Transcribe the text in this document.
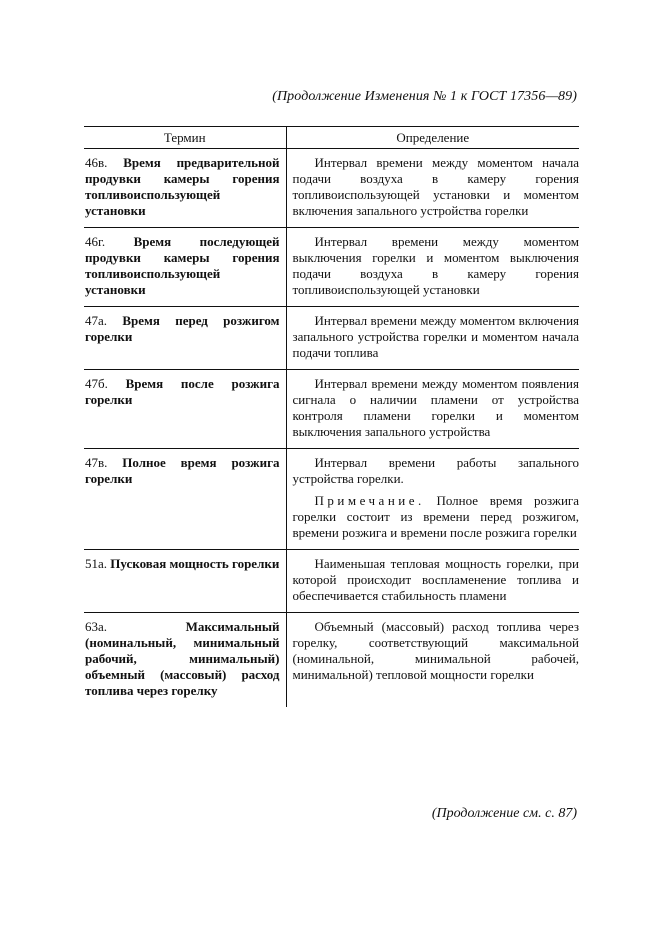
(Продолжение Изменения № 1 к ГОСТ 17356—89)
Термин	Определение

46в. Время предварительной продувки камеры горения топливоиспользующей установки	Интервал времени между моментом начала подачи воздуха в камеру горения топливоиспользующей установки и моментом включения запального устройства горелки

46г. Время последующей продувки камеры горения топливоиспользующей установки	Интервал времени между моментом выключения горелки и моментом выключения подачи воздуха в камеру горения топливоиспользующей установки

47а. Время перед розжигом горелки	Интервал времени между моментом включения запального устройства горелки и моментом начала подачи топлива

47б. Время после розжига горелки	Интервал времени между моментом появления сигнала о наличии пламени от устройства контроля пламени горелки и моментом выключения запального устройства

47в. Полное время розжига горелки	Интервал времени работы запального устройства горелки.

Примечание. Полное время розжига горелки состоит из времени перед розжигом, времени розжига и времени после розжига горелки

51а. Пусковая мощность горелки	Наименьшая тепловая мощность горелки, при которой происходит воспламенение топлива и обеспечивается стабильность пламени

63а. Максимальный (номинальный, минимальный рабочий, минимальный) объемный (массовый) расход топлива через горелку	Объемный (массовый) расход топлива через горелку, соответствующий максимальной (номинальной, минимальной рабочей, минимальной) тепловой мощности горелки

(Продолжение см. с. 87)
